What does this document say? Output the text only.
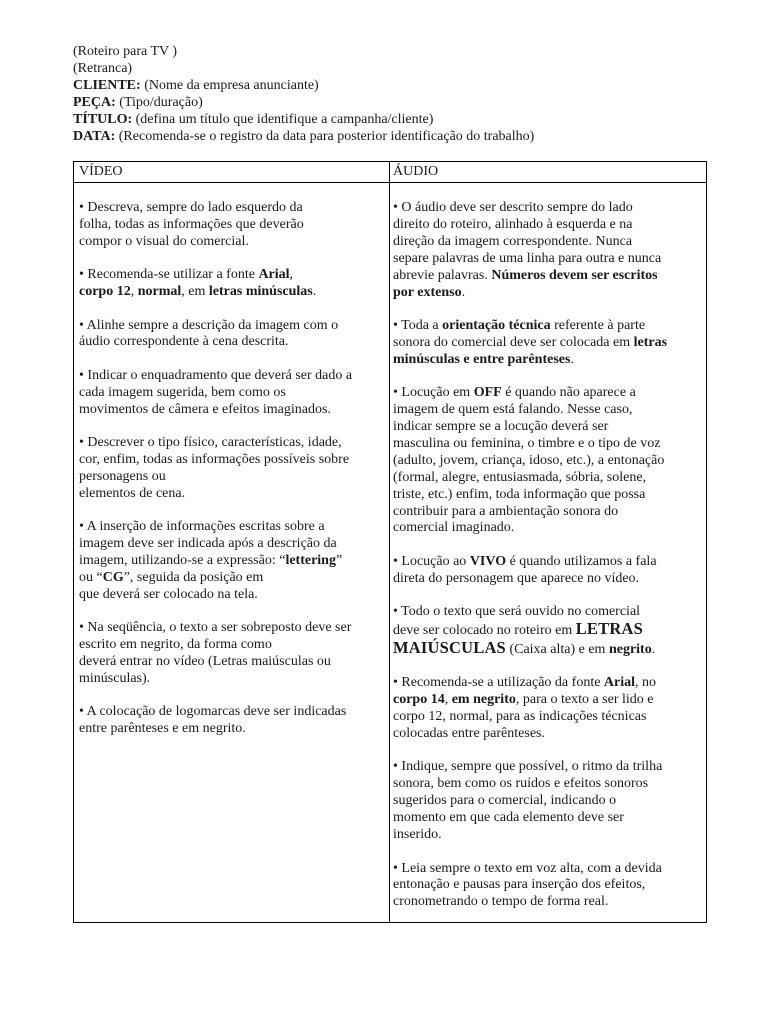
(Roteiro para TV )
(Retranca)
CLIENTE: (Nome da empresa anunciante)
PEÇA: (Tipo/duração)
TÍTULO: (defina um título que identifique a campanha/cliente)
DATA: (Recomenda-se o registro da data para posterior identificação do trabalho)
VÍDEO	ÁUDIO
• Descreva, sempre do lado esquerdo da
folha, todas as informações que deverão
compor o visual do comercial.
• Recomenda-se utilizar a fonte Arial,
corpo 12, normal, em letras minúsculas.
• Alinhe sempre a descrição da imagem com o
áudio correspondente à cena descrita.
• Indicar o enquadramento que deverá ser dado a
cada imagem sugerida, bem como os
movimentos de câmera e efeitos imaginados.
• Descrever o tipo físico, características, idade,
cor, enfim, todas as informações possíveis sobre
personagens ou
elementos de cena.
• A inserção de informações escritas sobre a
imagem deve ser indicada após a descrição da
imagem, utilizando-se a expressão: “lettering”
ou “CG”, seguida da posição em
que deverá ser colocado na tela.
• Na seqüência, o texto a ser sobreposto deve ser
escrito em negrito, da forma como
deverá entrar no vídeo (Letras maiúsculas ou
minúsculas).
• A colocação de logomarcas deve ser indicadas
entre parênteses e em negrito.
• O áudio deve ser descrito sempre do lado
direito do roteiro, alinhado à esquerda e na
direção da imagem correspondente. Nunca
separe palavras de uma linha para outra e nunca
abrevie palavras. Números devem ser escritos
por extenso.
• Toda a orientação técnica referente à parte
sonora do comercial deve ser colocada em letras
minúsculas e entre parênteses.
• Locução em OFF é quando não aparece a
imagem de quem está falando. Nesse caso,
indicar sempre se a locução deverá ser
masculina ou feminina, o timbre e o tipo de voz
(adulto, jovem, criança, idoso, etc.), a entonação
(formal, alegre, entusiasmada, sóbria, solene,
triste, etc.) enfim, toda informação que possa
contribuir para a ambientação sonora do
comercial imaginado.
• Locução ao VIVO é quando utilizamos a fala
direta do personagem que aparece no vídeo.
• Todo o texto que será ouvido no comercial
deve ser colocado no roteiro em LETRAS
MAIÚSCULAS (Caixa alta) e em negrito.
• Recomenda-se a utilização da fonte Arial, no
corpo 14, em negrito, para o texto a ser lido e
corpo 12, normal, para as indicações técnicas
colocadas entre parênteses.
• Indique, sempre que possível, o ritmo da trilha
sonora, bem como os ruídos e efeitos sonoros
sugeridos para o comercial, indicando o
momento em que cada elemento deve ser
inserido.
• Leia sempre o texto em voz alta, com a devida
entonação e pausas para inserção dos efeitos,
cronometrando o tempo de forma real.
